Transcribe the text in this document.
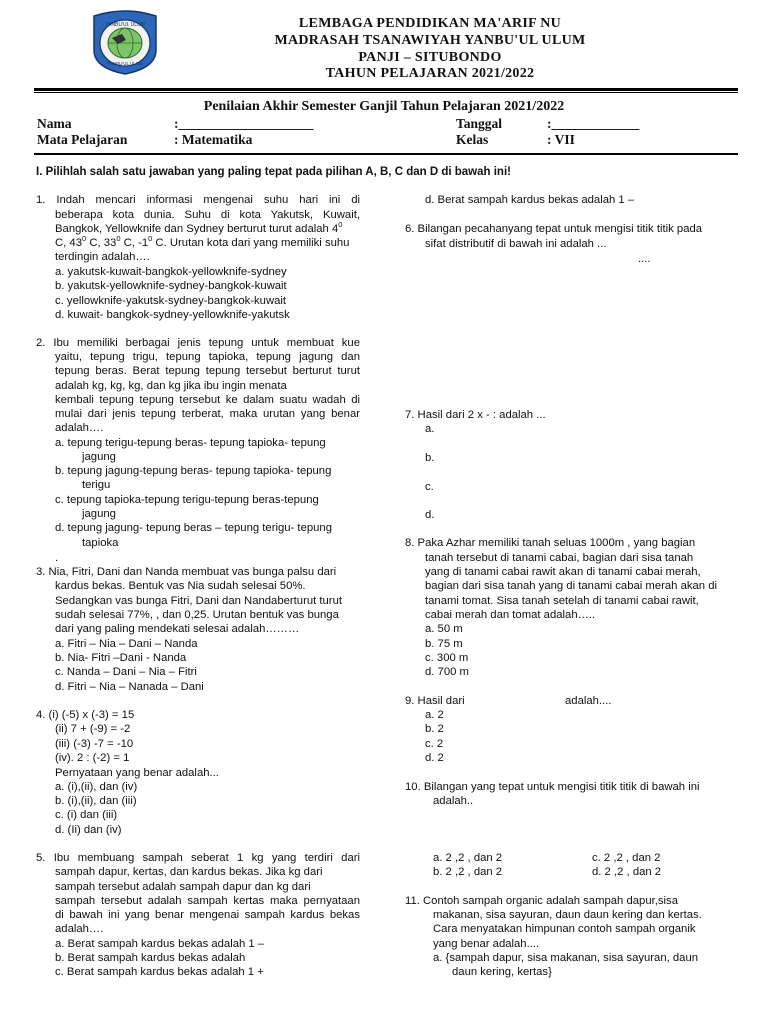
YANBU'UL ULUM
YANBU'UL ULUM
LEMBAGA PENDIDIKAN MA'ARIF NU
MADRASAH TSANAWIYAH YANBU'UL ULUM
PANJI – SITUBONDO
TAHUN PELAJARAN 2021/2022
Penilaian Akhir Semester Ganjil Tahun Pelajaran 2021/2022
Nama	:____________________	Tanggal	:_____________
Mata Pelajaran	: Matematika	Kelas	: VII
I. Pilihlah salah satu jawaban yang paling tepat pada pilihan A, B, C dan D di bawah ini!
1. Indah mencari informasi mengenai suhu hari ini di
beberapa kota dunia. Suhu di kota Yakutsk, Kuwait,
Bangkok, Yellowknife dan Sydney berturut turut adalah $4^0$
C, $43^0$ C, $33^0$ C, $-1^0$ C. Urutan kota dari yang memiliki suhu
terdingin adalah….
a. yakutsk-kuwait-bangkok-yellowknife-sydney
b. yakutsk-yellowknife-sydney-bangkok-kuwait
c. yellowknife-yakutsk-sydney-bangkok-kuwait
d. kuwait- bangkok-sydney-yellowknife-yakutsk
2. Ibu memiliki berbagai jenis tepung untuk membuat kue
yaitu, tepung trigu, tepung tapioka, tepung jagung dan
tepung beras. Berat tepung tepung tersebut berturut turut
adalah kg, kg, kg, dan kg jika ibu ingin menata
kembali tepung tepung tersebut ke dalam suatu wadah di
mulai dari jenis tepung terberat, maka urutan yang benar
adalah….
a. tepung terigu-tepung beras- tepung tapioka- tepung
jagung
b. tepung jagung-tepung beras- tepung tapioka- tepung
terigu
c. tepung tapioka-tepung terigu-tepung beras-tepung
jagung
d. tepung jagung- tepung beras – tepung terigu- tepung
tapioka
.
3. Nia, Fitri, Dani dan Nanda membuat vas bunga palsu dari
kardus bekas. Bentuk vas Nia sudah selesai 50%.
Sedangkan vas bunga Fitri, Dani dan Nandaberturut turut
sudah selesai 77%, , dan 0,25. Urutan bentuk vas bunga
dari yang paling mendekati selesai adalah………
a. Fitri – Nia – Dani – Nanda
b. Nia- Fitri –Dani - Nanda
c. Nanda – Dani – Nia – Fitri
d. Fitri – Nia – Nanada – Dani
4. (i) (-5) x (-3) = 15
(ii) 7 + (-9) = -2
(iii) (-3) -7 = -10
(iv). 2 : (-2) = 1
Pernyataan yang benar adalah...
a. (i),(ii), dan (iv)
b. (i),(ii), dan (iii)
c. (i) dan (iii)
d. (Ii) dan (iv)
5. Ibu membuang sampah seberat 1 kg yang terdiri dari
sampah dapur, kertas, dan kardus bekas. Jika kg dari
sampah tersebut adalah sampah dapur dan kg dari
sampah tersebut adalah sampah kertas maka pernyataan
di bawah ini yang benar mengenai sampah kardus bekas
adalah….
a. Berat sampah kardus bekas adalah 1 –
b. Berat sampah kardus bekas adalah
c. Berat sampah kardus bekas adalah 1 +
d. Berat sampah kardus bekas adalah 1 –
6. Bilangan pecahanyang tepat untuk mengisi titik titik pada
sifat distributif di bawah ini adalah ...
....
7. Hasil dari 2 x - : adalah ...
a.
b.
c.
d.
8. Paka Azhar memiliki tanah seluas 1000m , yang bagian
tanah tersebut di tanami cabai, bagian dari sisa tanah
yang di tanami cabai rawit akan di tanami cabai merah,
bagian dari sisa tanah yang di tanami cabai merah akan di
tanami tomat. Sisa tanah setelah di tanami cabai rawit,
cabai merah dan tomat adalah…..
a. 50 m
b. 75 m
c. 300 m
d. 700 m
9. Hasil dari	adalah....
a. 2
b. 2
c. 2
d. 2
10. Bilangan yang tepat untuk mengisi titik titik di bawah ini
adalah..
a. 2 ,2 , dan 2
b. 2 ,2 , dan 2
c. 2 ,2 , dan 2
d. 2 ,2 , dan 2
11. Contoh sampah organic adalah sampah dapur,sisa
makanan, sisa sayuran, daun daun kering dan kertas.
Cara menyatakan himpunan contoh sampah organik
yang benar adalah....
a. {sampah dapur, sisa makanan, sisa sayuran, daun
daun kering, kertas}
